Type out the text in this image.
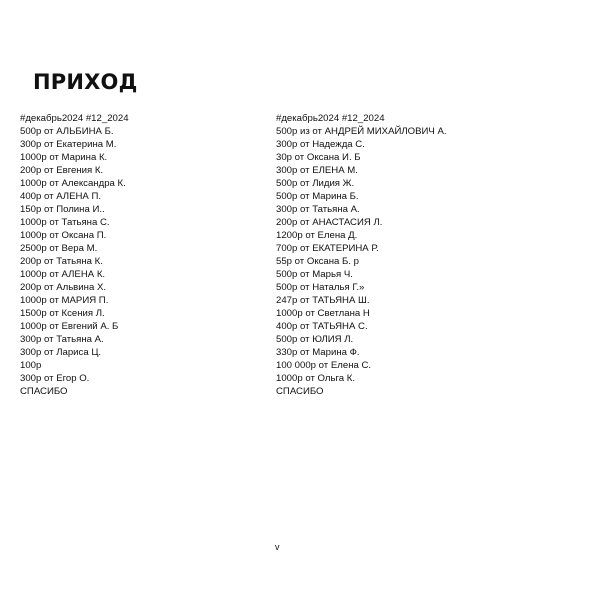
ПРИХОД
#декабрь2024 #12_2024
500р от АЛЬБИНА Б.
300р от Екатерина М.
1000р от Марина К.
200р от Евгения К.
1000р от Александра К.
400р от АЛЕНА П.
150р от Полина И..
1000р от Татьяна С.
1000р от Оксана П.
2500р от Вера М.
200р от Татьяна К.
1000р от АЛЕНА К.
200р от Альвина Х.
1000р от МАРИЯ П.
1500р от Ксения Л.
1000р от Евгений А. Б
300р от Татьяна А.
300р от Лариса Ц.
100р
300р от Егор О.
СПАСИБО
#декабрь2024 #12_2024
500р из от АНДРЕЙ МИХАЙЛОВИЧ А.
300р от Надежда С.
30р от Оксана И. Б
300р от ЕЛЕНА М.
500р от Лидия Ж.
500р от Марина Б.
300р от Татьяна А.
200р от АНАСТАСИЯ Л.
1200р от Елена Д.
700р от ЕКАТЕРИНА Р.
55р от Оксана Б. р
500р от Марья Ч.
500р от Наталья Г.»
247р от ТАТЬЯНА Ш.
1000р от Светлана Н
400р от ТАТЬЯНА С.
500р от ЮЛИЯ Л.
330р от Марина Ф.
100 000р от Елена С.
1000р от Ольга К.
СПАСИБО
v
